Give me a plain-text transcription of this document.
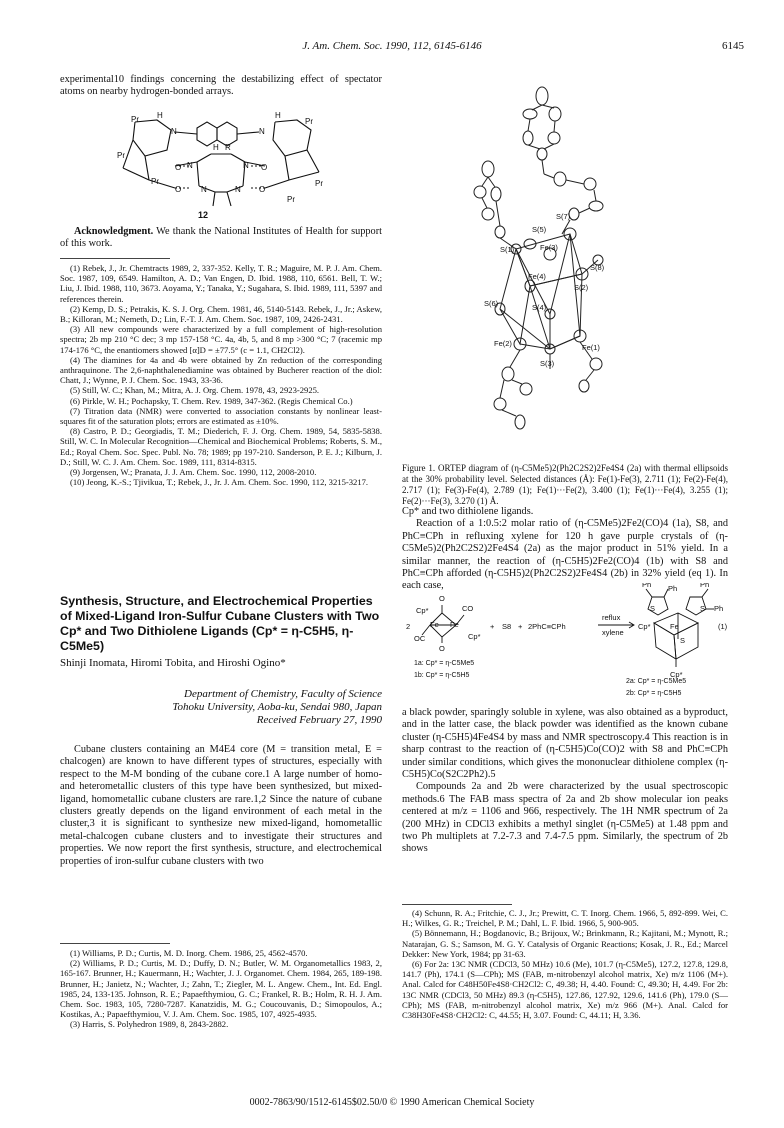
J. Am. Chem. Soc. 1990, 112, 6145-6146	6145

experimental10 findings concerning the destabilizing effect of spectator atoms on nearby hydrogen-bonded arrays.

N	N
H	H
Pr	Pr
Pr
Pr
Pr
Pr
N	N
H R
N	N
O	O
O	O
12

Acknowledgment. We thank the National Institutes of Health for support of this work.

(1) Rebek, J., Jr. Chemtracts 1989, 2, 337-352. Kelly, T. R.; Maguire, M. P. J. Am. Chem. Soc. 1987, 109, 6549. Hamilton, A. D.; Van Engen, D. Ibid. 1988, 110, 6561. Bell, T. W.; Liu, J. Ibid. 1988, 110, 3673. Aoyama, Y.; Tanaka, Y.; Sugahara, S. Ibid. 1989, 111, 5397 and references therein.

(2) Kemp, D. S.; Petrakis, K. S. J. Org. Chem. 1981, 46, 5140-5143. Rebek, J., Jr.; Askew, B.; Killoran, M.; Nemeth, D.; Lin, F.-T. J. Am. Chem. Soc. 1987, 109, 2426-2431.

(3) All new compounds were characterized by a full complement of high-resolution spectra; 2b mp 210 °C dec; 3 mp 157-158 °C. 4a, 4b, 5, and 8 mp >300 °C; 7 (racemic mp 174-176 °C, the enantiomers showed [α]D = ±77.5° (c = 1.1, CH2Cl2).

(4) The diamines for 4a and 4b were obtained by Zn reduction of the corresponding anthraquinone. The 2,6-naphthalenediamine was obtained by Bucherer reaction of the diol: Chatt, J.; Wynne, P. J. Chem. Soc. 1943, 33-36.

(5) Still, W. C.; Khan, M.; Mitra, A. J. Org. Chem. 1978, 43, 2923-2925.

(6) Pirkle, W. H.; Pochapsky, T. Chem. Rev. 1989, 347-362. (Regis Chemical Co.)

(7) Titration data (NMR) were converted to association constants by nonlinear least-squares fit of the saturation plots; errors are estimated as ±10%.

(8) Castro, P. D.; Georgiadis, T. M.; Diederich, F. J. Org. Chem. 1989, 54, 5835-5838. Still, W. C. In Molecular Recognition—Chemical and Biochemical Problems; Roberts, S. M., Ed.; Royal Chem. Soc. Spec. Publ. No. 78; 1989; pp 197-210. Sanderson, P. E. J.; Kilburn, J. D.; Still, W. C. J. Am. Chem. Soc. 1989, 111, 8314-8315.

(9) Jorgensen, W.; Pranata, J. J. Am. Chem. Soc. 1990, 112, 2008-2010.

(10) Jeong, K.-S.; Tjivikua, T.; Rebek, J., Jr. J. Am. Chem. Soc. 1990, 112, 3215-3217.

Synthesis, Structure, and Electrochemical Properties of Mixed-Ligand Iron-Sulfur Cubane Clusters with Two Cp* and Two Dithiolene Ligands (Cp* = η-C5H5, η-C5Me5)
Shinji Inomata, Hiromi Tobita, and Hiroshi Ogino*
Department of Chemistry, Faculty of Science
Tohoku University, Aoba-ku, Sendai 980, Japan
Received February 27, 1990

Cubane clusters containing an M4E4 core (M = transition metal, E = chalcogen) are known to have different types of structures, especially with respect to the M-M bonding of the cubane core.1 A large number of homo- and heterometallic clusters of this type have been synthesized, but mixed-ligand, homometallic cubane clusters are rare.1,2 Since the nature of cubane clusters greatly depends on the ligand environment of each metal in the cluster,3 it is significant to synthesize new mixed-ligand, homometallic metal-chalcogen cubane clusters and to investigate their structures and properties. We now report the first synthesis, structure, and electrochemical properties of iron-sulfur cubane clusters with two

(1) Williams, P. D.; Curtis, M. D. Inorg. Chem. 1986, 25, 4562-4570.

(2) Williams, P. D.; Curtis, M. D.; Duffy, D. N.; Butler, W. M. Organometallics 1983, 2, 165-167. Brunner, H.; Kauermann, H.; Wachter, J. J. Organomet. Chem. 1984, 265, 189-198. Brunner, H.; Janietz, N.; Wachter, J.; Zahn, T.; Ziegler, M. L. Angew. Chem., Int. Ed. Engl. 1985, 24, 133-135. Johnson, R. E.; Papaefthymiou, G. C.; Frankel, R. B.; Holm, R. H. J. Am. Chem. Soc. 1983, 105, 7280-7287. Kanatzidis, M. G.; Coucouvanis, D.; Simopoulos, A.; Kostikas, A.; Papaefthymiou, V. J. Am. Chem. Soc. 1985, 107, 4925-4935.

(3) Harris, S. Polyhedron 1989, 8, 2843-2882.

S(7)
S(5)
S(1)	Fe(3)
S(8)
Fe(4)
S(2)
S(6)	S(4)
Fe(2)	Fe(1)
S(3)
Figure 1. ORTEP diagram of (η-C5Me5)2(Ph2C2S2)2Fe4S4 (2a) with thermal ellipsoids at the 30% probability level. Selected distances (Å): Fe(1)-Fe(3), 2.711 (1); Fe(2)-Fe(4), 2.717 (1); Fe(3)-Fe(4), 2.789 (1); Fe(1)···Fe(2), 3.400 (1); Fe(1)···Fe(4), 3.255 (1); Fe(2)···Fe(3), 3.270 (1) Å.

Cp* and two dithiolene ligands.

Reaction of a 1:0.5:2 molar ratio of (η-C5Me5)2Fe2(CO)4 (1a), S8, and PhC≡CPh in refluxing xylene for 120 h gave purple crystals of (η-C5Me5)2(Ph2C2S2)2Fe4S4 (2a) as the major product in 51% yield. In a similar manner, the reaction of (η-C5H5)2Fe2(CO)4 (1b) with S8 and PhC≡CPh afforded (η-C5H5)2(Ph2C2S2)2Fe4S4 (2b) in 32% yield (eq 1). In each case,

2
Cp*
Cp*
Fe Fe
O
O
CO
OC
+ S8 + 2PhC≡CPh
reflux
xylene
Cp*
Ph	Ph
Ph
Ph
S	S
Fe
S
Cp*
(1)
1a: Cp* = η-C5Me5
1b: Cp* = η-C5H5
2a: Cp* = η-C5Me5
2b: Cp* = η-C5H5

a black powder, sparingly soluble in xylene, was also obtained as a byproduct, and in the latter case, the black powder was identified as the known cubane cluster (η-C5H5)4Fe4S4 by mass and NMR spectroscopy.4 This reaction is in sharp contrast to the reaction of (η-C5H5)Co(CO)2 with S8 and PhC≡CPh under similar conditions, which gives the mononuclear dithiolene complex (η-C5H5)Co(S2C2Ph2).5

Compounds 2a and 2b were characterized by the usual spectroscopic methods.6 The FAB mass spectra of 2a and 2b show molecular ion peaks centered at m/z = 1106 and 966, respectively. The 1H NMR spectrum of 2a (200 MHz) in CDCl3 exhibits a methyl singlet (η-C5Me5) at 1.48 ppm and two Ph multiplets at 7.2-7.3 and 7.4-7.5 ppm. Similarly, the spectrum of 2b shows

(4) Schunn, R. A.; Fritchie, C. J., Jr.; Prewitt, C. T. Inorg. Chem. 1966, 5, 892-899. Wei, C. H.; Wilkes, G. R.; Treichel, P. M.; Dahl, L. F. Ibid. 1966, 5, 900-905.

(5) Bönnemann, H.; Bogdanovic, B.; Brijoux, W.; Brinkmann, R.; Kajitani, M.; Mynott, R.; Natarajan, G. S.; Samson, M. G. Y. Catalysis of Organic Reactions; Kosak, J. R., Ed.; Marcel Dekker: New York, 1984; pp 31-63.

(6) For 2a: 13C NMR (CDCl3, 50 MHz) 10.6 (Me), 101.7 (η-C5Me5), 127.2, 127.8, 129.8, 141.7 (Ph), 174.1 (S—CPh); MS (FAB, m-nitrobenzyl alcohol matrix, Xe) m/z 1106 (M+). Anal. Calcd for C48H50Fe4S8·CH2Cl2: C, 49.38; H, 4.40. Found: C, 49.30; H, 4.49. For 2b: 13C NMR (CDCl3, 50 MHz) 89.3 (η-C5H5), 127.86, 127.92, 129.6, 141.6 (Ph), 179.0 (S—CPh); MS (FAB, m-nitrobenzyl alcohol matrix, Xe) m/z 966 (M+). Anal. Calcd for C38H30Fe4S8·CH2Cl2: C, 44.55; H, 3.07. Found: C, 44.11; H, 3.36.

0002-7863/90/1512-6145$02.50/0 © 1990 American Chemical Society
